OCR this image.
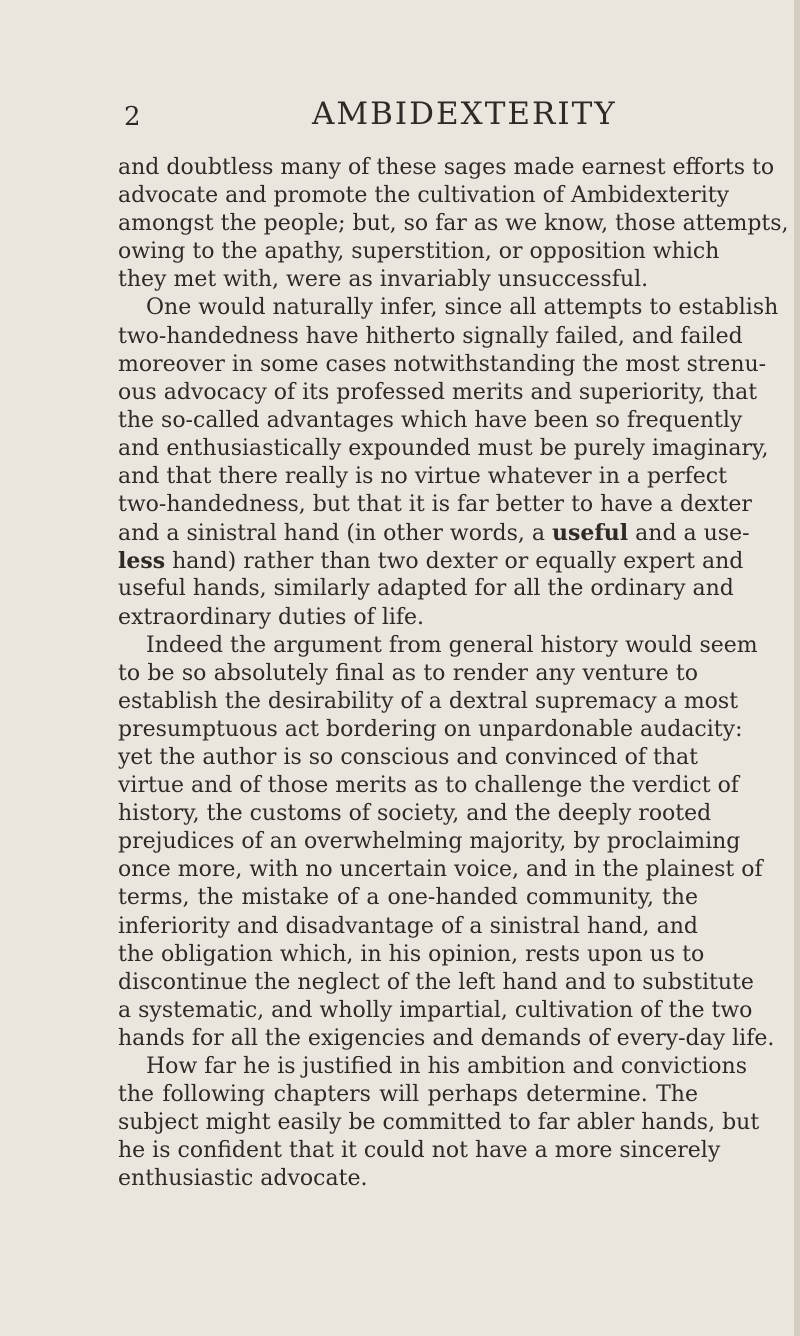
2	AMBIDEXTERITY
and doubtless many of these sages made earnest efforts to
advocate and promote the cultivation of Ambidexterity
amongst the people; but, so far as we know, those attempts,
owing to the apathy, superstition, or opposition which
they met with, were as invariably unsuccessful.
One would naturally infer, since all attempts to establish
two-handedness have hitherto signally failed, and failed
moreover in some cases notwithstanding the most strenu-
ous advocacy of its professed merits and superiority, that
the so-called advantages which have been so frequently
and enthusiastically expounded must be purely imaginary,
and that there really is no virtue whatever in a perfect
two-handedness, but that it is far better to have a dexter
and a sinistral hand (in other words, a useful and a use-
less hand) rather than two dexter or equally expert and
useful hands, similarly adapted for all the ordinary and
extraordinary duties of life.
Indeed the argument from general history would seem
to be so absolutely final as to render any venture to
establish the desirability of a dextral supremacy a most
presumptuous act bordering on unpardonable audacity:
yet the author is so conscious and convinced of that
virtue and of those merits as to challenge the verdict of
history, the customs of society, and the deeply rooted
prejudices of an overwhelming majority, by proclaiming
once more, with no uncertain voice, and in the plainest of
terms, the mistake of a one-handed community, the
inferiority and disadvantage of a sinistral hand, and
the obligation which, in his opinion, rests upon us to
discontinue the neglect of the left hand and to substitute
a systematic, and wholly impartial, cultivation of the two
hands for all the exigencies and demands of every-day life.
How far he is justified in his ambition and convictions
the following chapters will perhaps determine. The
subject might easily be committed to far abler hands, but
he is confident that it could not have a more sincerely
enthusiastic advocate.
